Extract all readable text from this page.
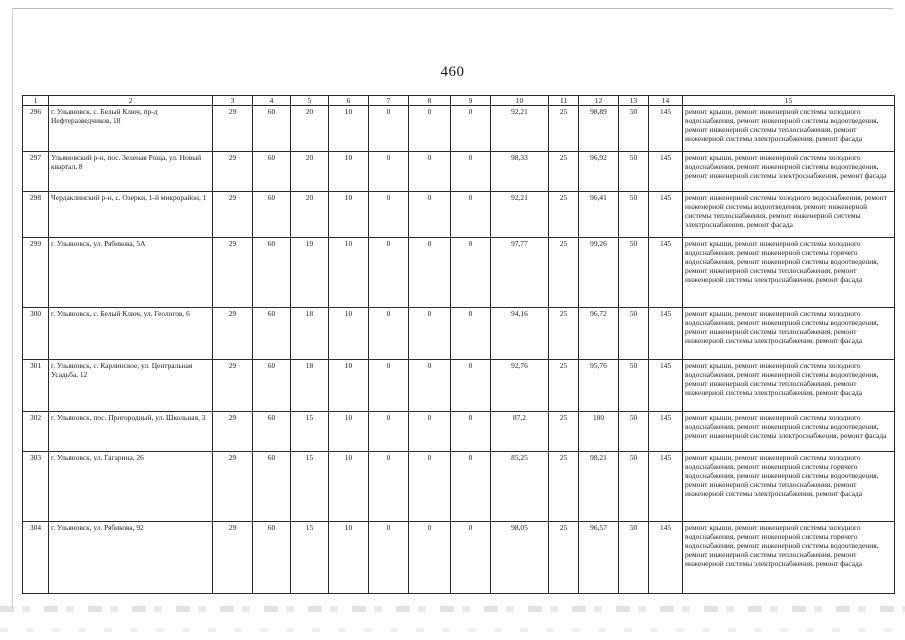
460
1	2	3	4	5	6	7	8	9	10	11	12	13	14	15
296	г. Ульяновск, с. Белый Ключ, пр-д Нефтеразведчиков, 18	29	60	20	10	0	0	0	92,21	25	98,89	50	145	ремонт крыши, ремонт инженерной системы холодного водоснабжения, ремонт инженерной системы водоотведения, ремонт инженерной системы теплоснабжения, ремонт инженерной системы электроснабжения, ремонт фасада
297	Ульяновский р-н, пос. Зеленая Роща, ул. Новый квартал, 8	29	60	20	10	0	0	0	98,33	25	96,92	50	145	ремонт крыши, ремонт инженерной системы холодного водоснабжения, ремонт инженерной системы водоотведения, ремонт инженерной системы электроснабжения, ремонт фасада
298	Чердаклинский р-н, с. Озерки, 1-й микрорайон, 1	29	60	20	10	0	0	0	92,21	25	96,41	50	145	ремонт инженерной системы холодного водоснабжения, ремонт инженерной системы водоотведения, ремонт инженерной системы теплоснабжения, ремонт инженерной системы электроснабжения, ремонт фасада
299	г. Ульяновск, ул. Рябикова, 5А	29	60	19	10	0	0	0	97,77	25	99,26	50	145	ремонт крыши, ремонт инженерной системы холодного водоснабжения, ремонт инженерной системы горячего водоснабжения, ремонт инженерной системы водоотведения, ремонт инженерной системы теплоснабжения, ремонт инженерной системы электроснабжения, ремонт фасада
300	г. Ульяновск, с. Белый Ключ, ул. Геологов, 6	29	60	18	10	0	0	0	94,16	25	96,72	50	145	ремонт крыши, ремонт инженерной системы холодного водоснабжения, ремонт инженерной системы водоотведения, ремонт инженерной системы теплоснабжения, ремонт инженерной системы электроснабжения, ремонт фасада
301	г. Ульяновск, с. Карлинское, ул. Центральная Усадьба, 12	29	60	18	10	0	0	0	92,76	25	95,76	50	145	ремонт крыши, ремонт инженерной системы холодного водоснабжения, ремонт инженерной системы водоотведения, ремонт инженерной системы теплоснабжения, ремонт инженерной системы электроснабжения, ремонт фасада
302	г. Ульяновск, пос. Пригородный, ул. Школьная, 3	29	60	15	10	0	0	0	87,2	25	100	50	145	ремонт крыши, ремонт инженерной системы холодного водоснабжения, ремонт инженерной системы водоотведения, ремонт инженерной системы электроснабжения, ремонт фасада
303	г. Ульяновск, ул. Гагарина, 26	29	60	15	10	0	0	0	85,25	25	98,21	50	145	ремонт крыши, ремонт инженерной системы холодного водоснабжения, ремонт инженерной системы горячего водоснабжения, ремонт инженерной системы водоотведения, ремонт инженерной системы теплоснабжения, ремонт инженерной системы электроснабжения, ремонт фасада
304	г. Ульяновск, ул. Рябикова, 92	29	60	15	10	0	0	0	98,05	25	96,57	50	145	ремонт крыши, ремонт инженерной системы холодного водоснабжения, ремонт инженерной системы горячего водоснабжения, ремонт инженерной системы водоотведения, ремонт инженерной системы теплоснабжения, ремонт инженерной системы электроснабжения, ремонт фасада
